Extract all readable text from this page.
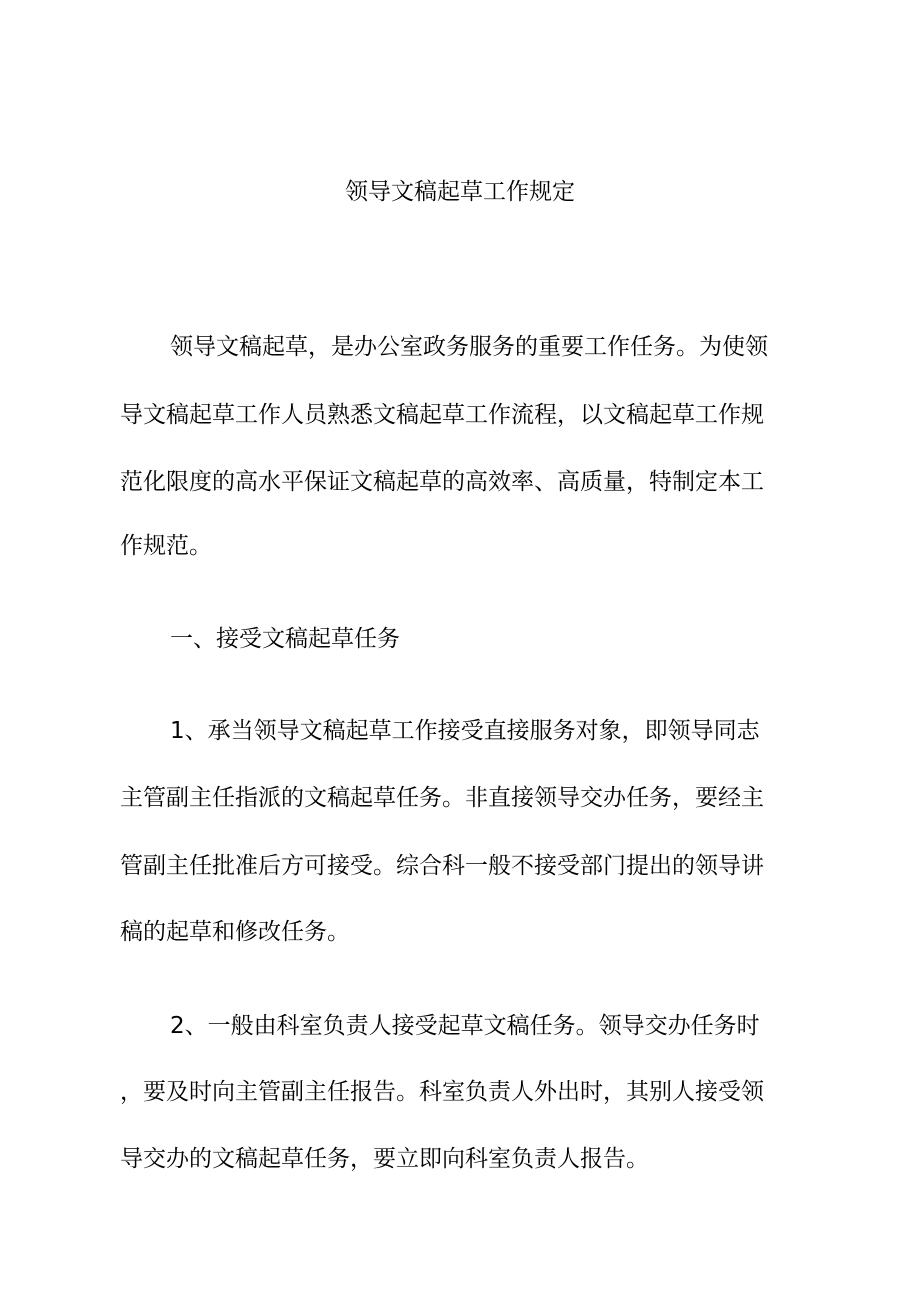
领导文稿起草工作规定
领导文稿起草，是办公室政务服务的重要工作任务。为使领
导文稿起草工作人员熟悉文稿起草工作流程，以文稿起草工作规
范化限度的高水平保证文稿起草的高效率、高质量，特制定本工
作规范。
一、接受文稿起草任务
1、承当领导文稿起草工作接受直接服务对象，即领导同志
主管副主任指派的文稿起草任务。非直接领导交办任务，要经主
管副主任批准后方可接受。综合科一般不接受部门提出的领导讲
稿的起草和修改任务。
2、一般由科室负责人接受起草文稿任务。领导交办任务时
，要及时向主管副主任报告。科室负责人外出时，其别人接受领
导交办的文稿起草任务，要立即向科室负责人报告。
